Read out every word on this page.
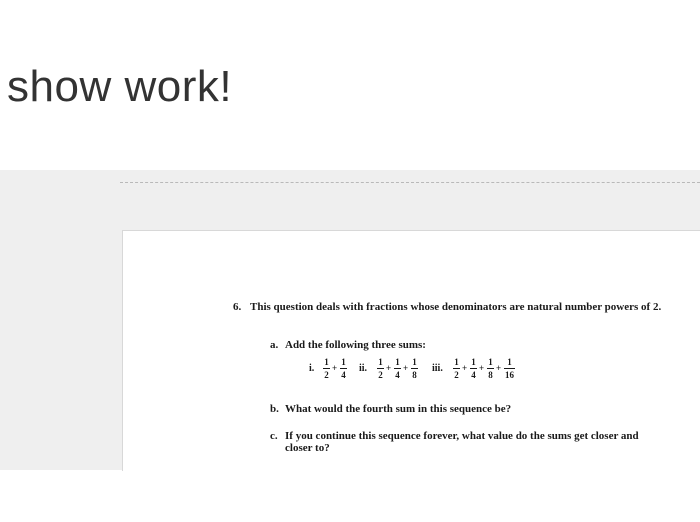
show work!
6. This question deals with fractions whose denominators are natural number powers of 2.
a. Add the following three sums:
i.
1
2
+
1
4
ii.
1
2
+
1
4
+
1
8
iii.
1
2
+
1
4
+
1
8
+
1
16
b. What would the fourth sum in this sequence be?
c. If you continue this sequence forever, what value do the sums get closer and closer to?
